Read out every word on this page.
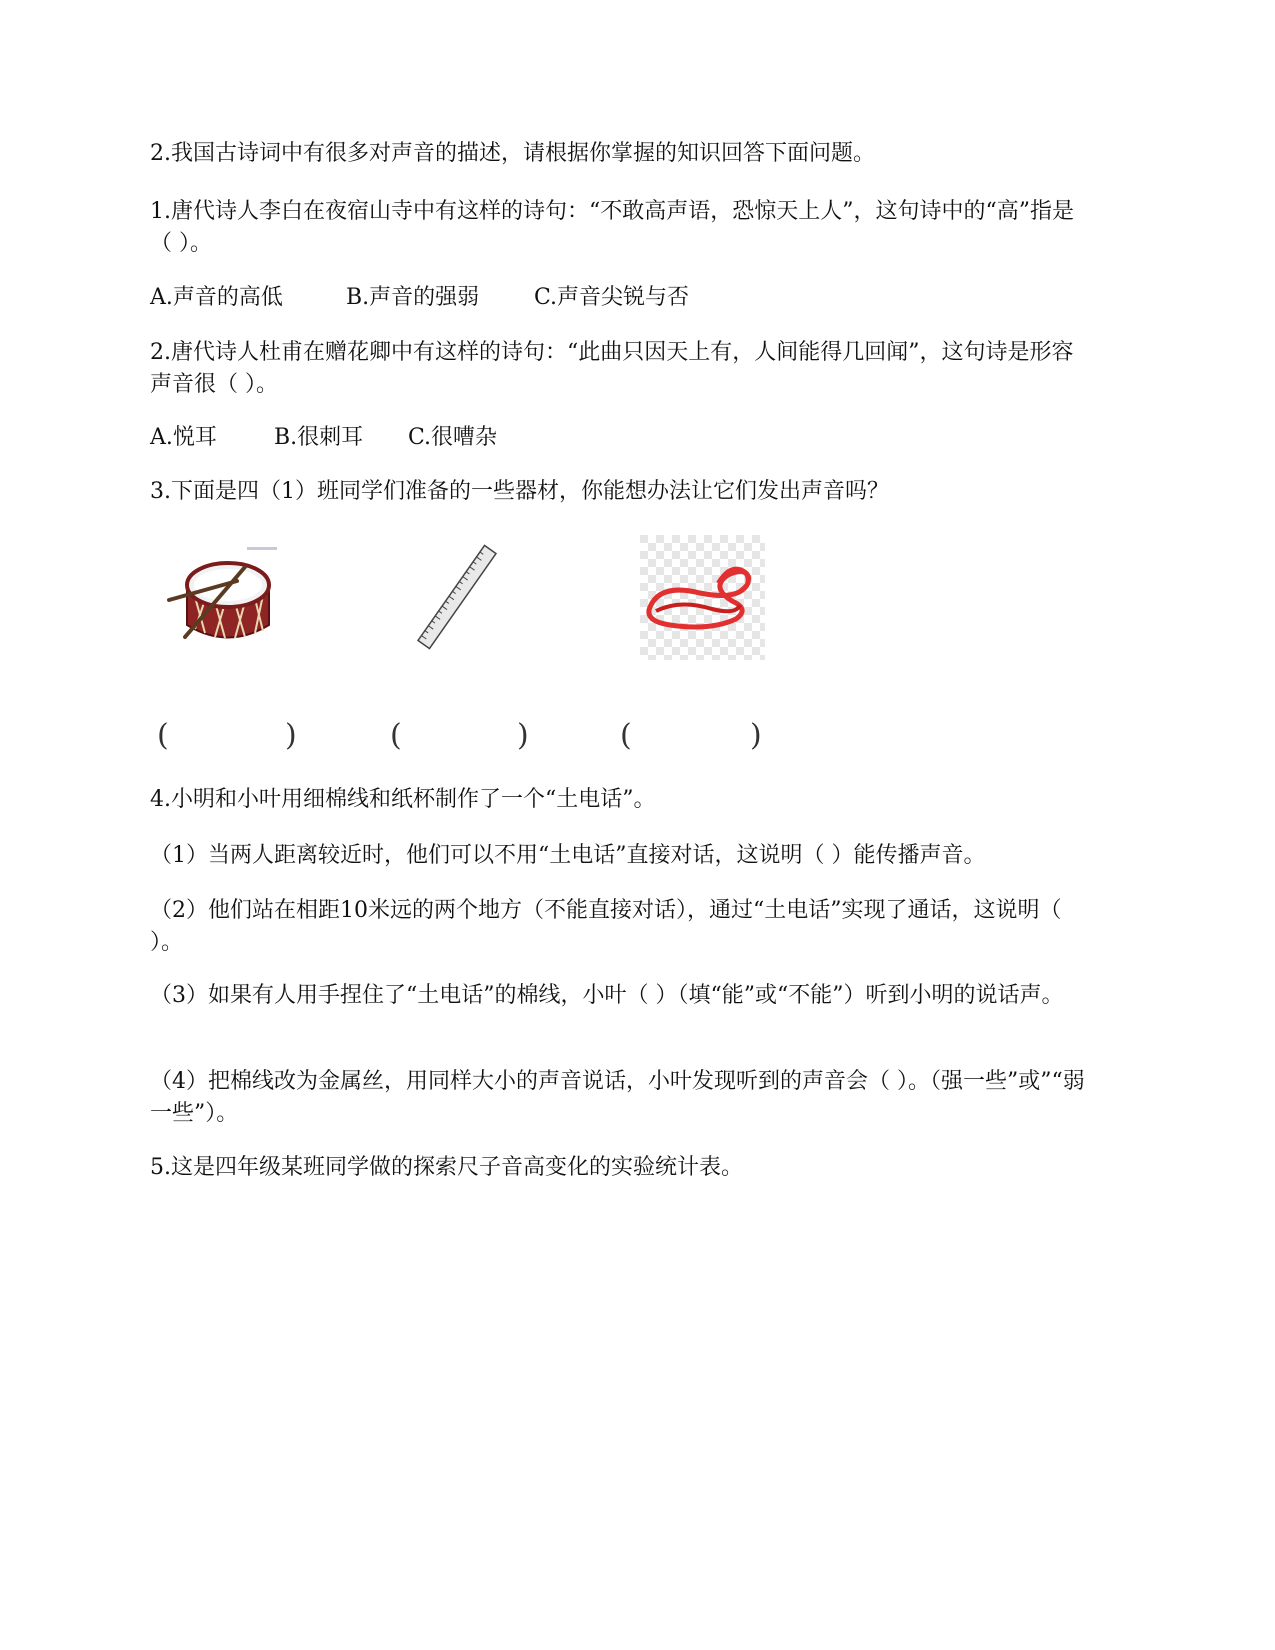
2.我国古诗词中有很多对声音的描述，请根据你掌握的知识回答下面问题。

1.唐代诗人李白在夜宿山寺中有这样的诗句：“不敢高声语，恐惊天上人”，这句诗中的“高”指是（ ）。

A.声音的高低	B.声音的强弱 C.声音尖锐与否

2.唐代诗人杜甫在赠花卿中有这样的诗句：“此曲只因天上有，人间能得几回闻”，这句诗是形容声音很（ ）。

A.悦耳	B.很刺耳 C.很嘈杂

3.下面是四（1）班同学们准备的一些器材，你能想办法让它们发出声音吗？

(	)	(	)	(	)

4.小明和小叶用细棉线和纸杯制作了一个“土电话”。

（1）当两人距离较近时，他们可以不用“土电话”直接对话，这说明（ ）能传播声音。

（2）他们站在相距10米远的两个地方（不能直接对话），通过“土电话”实现了通话，这说明（ ）。

（3）如果有人用手捏住了“土电话”的棉线，小叶（ ）（填“能”或“不能”）听到小明的说话声。

（4）把棉线改为金属丝，用同样大小的声音说话，小叶发现听到的声音会（ ）。（强一些”或”“弱一些”）。

5.这是四年级某班同学做的探索尺子音高变化的实验统计表。
